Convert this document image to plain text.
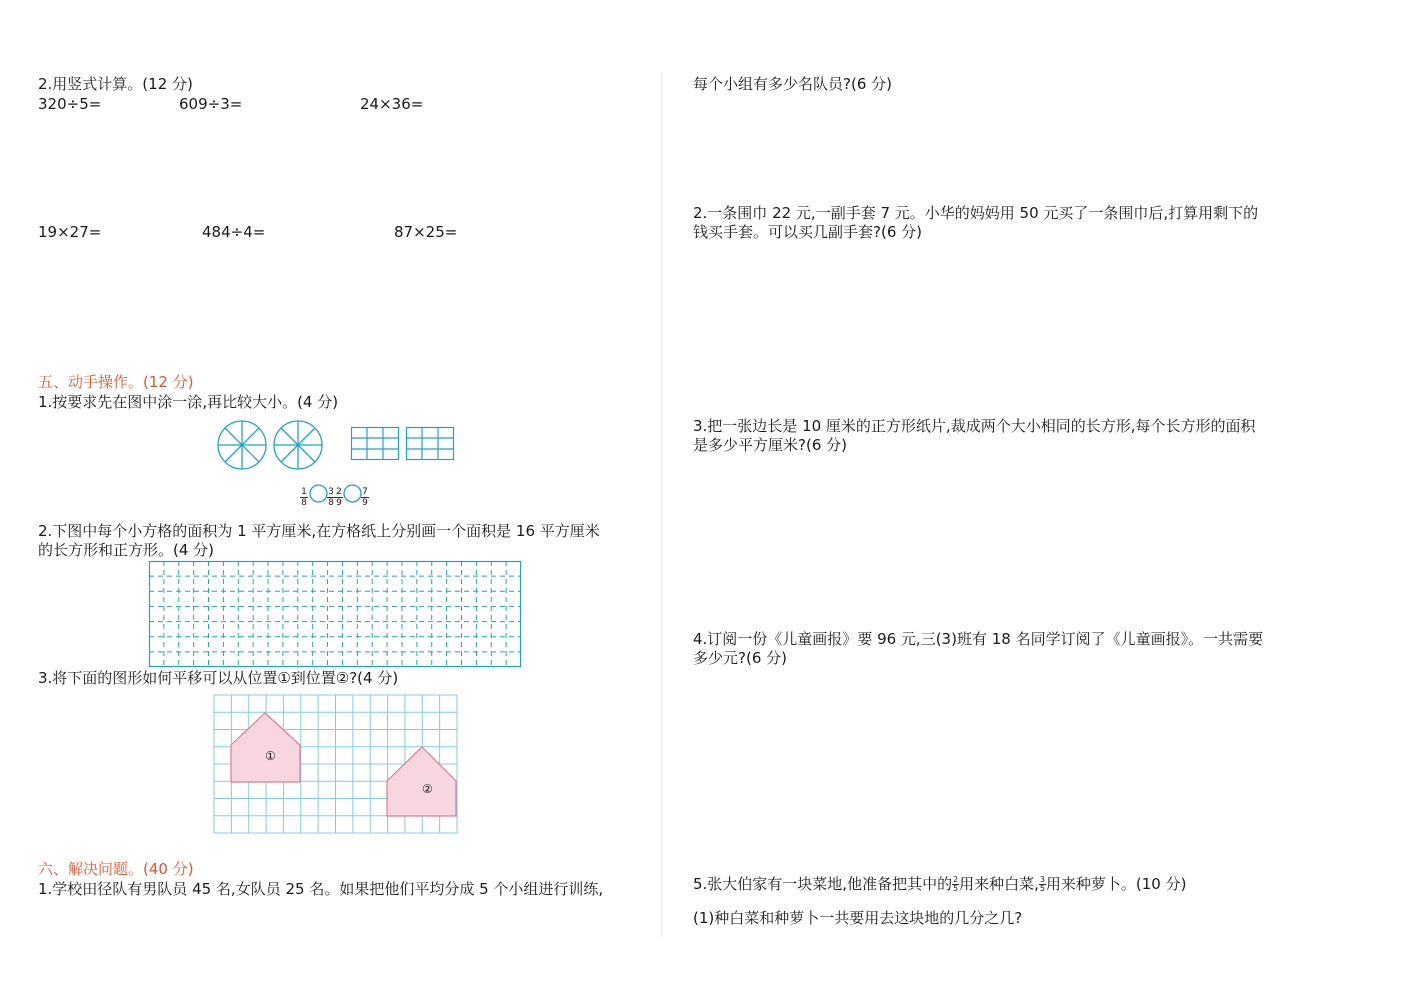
2.用竖式计算。(12 分)
320÷5=	609÷3=	24×36=
19×27=	484÷4=	87×25=
五、动手操作。(12 分)
1.按要求先在图中涂一涂,再比较大小。(4 分)
$\frac{1}{8} \frac{3}{8} \frac{2}{9} \frac{7}{9}$
2.下图中每个小方格的面积为 1 平方厘米,在方格纸上分别画一个面积是 16 平方厘米
的长方形和正方形。(4 分)
3.将下面的图形如何平移可以从位置①到位置②?(4 分)
①
②
六、解决问题。(40 分)
1.学校田径队有男队员 45 名,女队员 25 名。如果把他们平均分成 5 个小组进行训练,
每个小组有多少名队员?(6 分)
2.一条围巾 22 元,一副手套 7 元。小华的妈妈用 50 元买了一条围巾后,打算用剩下的
钱买手套。可以买几副手套?(6 分)
3.把一张边长是 10 厘米的正方形纸片,裁成两个大小相同的长方形,每个长方形的面积
是多少平方厘米?(6 分)
4.订阅一份《儿童画报》要 96 元,三(3)班有 18 名同学订阅了《儿童画报》。一共需要
多少元?(6 分)
5.张大伯家有一块菜地,他准备把其中的 2
5 用来种白菜, 3
5 用来种萝卜。(10 分)
(1)种白菜和种萝卜一共要用去这块地的几分之几?
